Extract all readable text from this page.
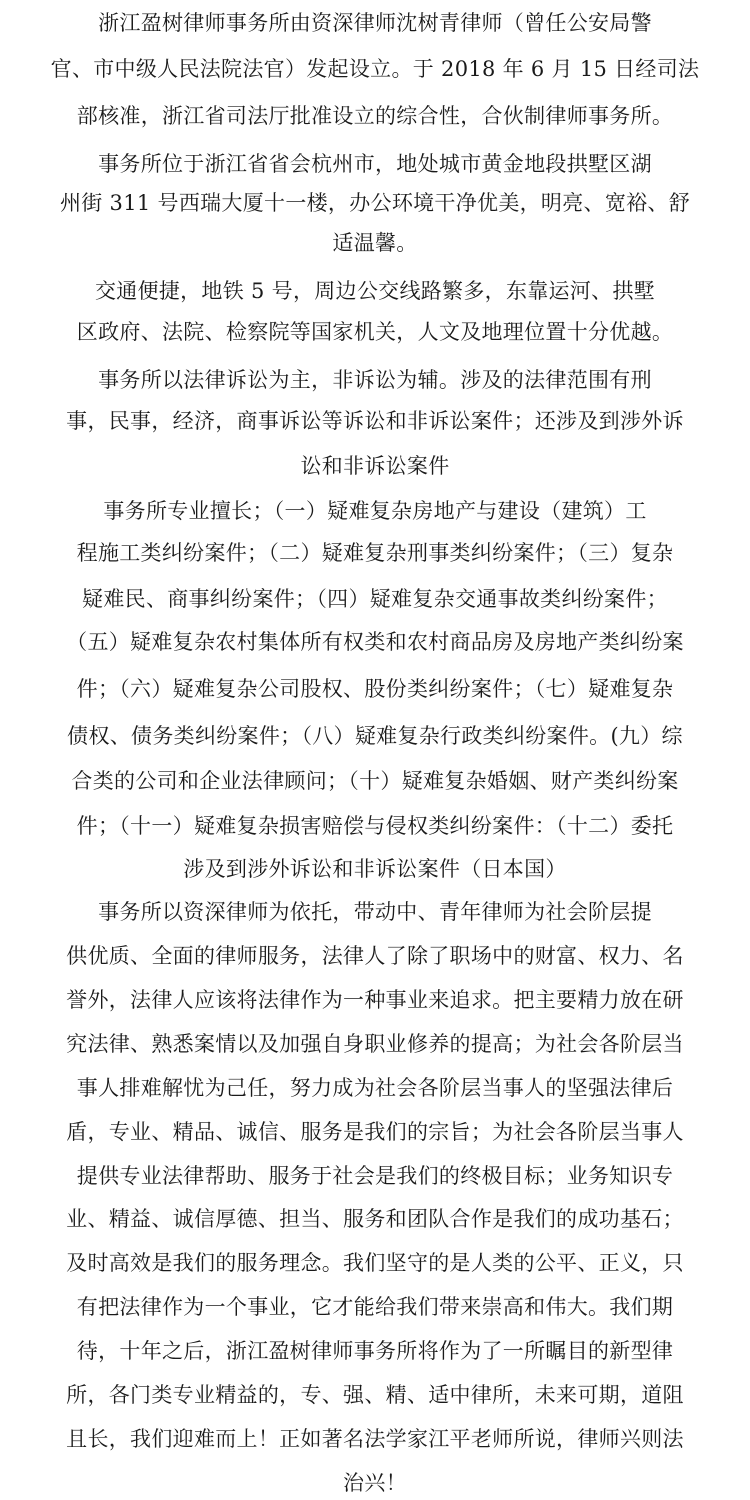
浙江盈树律师事务所由资深律师沈树青律师（曾任公安局警
官、市中级人民法院法官）发起设立。于 2018 年 6 月 15 日经司法
部核准，浙江省司法厅批准设立的综合性，合伙制律师事务所。
事务所位于浙江省省会杭州市，地处城市黄金地段拱墅区湖
州街 311 号西瑞大厦十一楼，办公环境干净优美，明亮、宽裕、舒
适温馨。
交通便捷，地铁 5 号，周边公交线路繁多，东靠运河、拱墅
区政府、法院、检察院等国家机关，人文及地理位置十分优越。
事务所以法律诉讼为主，非诉讼为辅。涉及的法律范围有刑
事，民事，经济，商事诉讼等诉讼和非诉讼案件；还涉及到涉外诉
讼和非诉讼案件
事务所专业擅长；（一）疑难复杂房地产与建设（建筑）工
程施工类纠纷案件；（二）疑难复杂刑事类纠纷案件；（三）复杂
疑难民、商事纠纷案件；（四）疑难复杂交通事故类纠纷案件；
（五）疑难复杂农村集体所有权类和农村商品房及房地产类纠纷案
件；（六）疑难复杂公司股权、股份类纠纷案件；（七）疑难复杂
债权、债务类纠纷案件；（八）疑难复杂行政类纠纷案件。(九）综
合类的公司和企业法律顾问；（十）疑难复杂婚姻、财产类纠纷案
件；（十一）疑难复杂损害赔偿与侵权类纠纷案件：（十二）委托
涉及到涉外诉讼和非诉讼案件（日本国）
事务所以资深律师为依托，带动中、青年律师为社会阶层提
供优质、全面的律师服务，法律人了除了职场中的财富、权力、名
誉外，法律人应该将法律作为一种事业来追求。把主要精力放在研
究法律、熟悉案情以及加强自身职业修养的提高；为社会各阶层当
事人排难解忧为己任，努力成为社会各阶层当事人的坚强法律后
盾，专业、精品、诚信、服务是我们的宗旨；为社会各阶层当事人
提供专业法律帮助、服务于社会是我们的终极目标；业务知识专
业、精益、诚信厚德、担当、服务和团队合作是我们的成功基石；
及时高效是我们的服务理念。我们坚守的是人类的公平、正义，只
有把法律作为一个事业，它才能给我们带来崇高和伟大。我们期
待，十年之后，浙江盈树律师事务所将作为了一所瞩目的新型律
所，各门类专业精益的，专、强、精、适中律所，未来可期，道阻
且长，我们迎难而上！正如著名法学家江平老师所说，律师兴则法
治兴！
